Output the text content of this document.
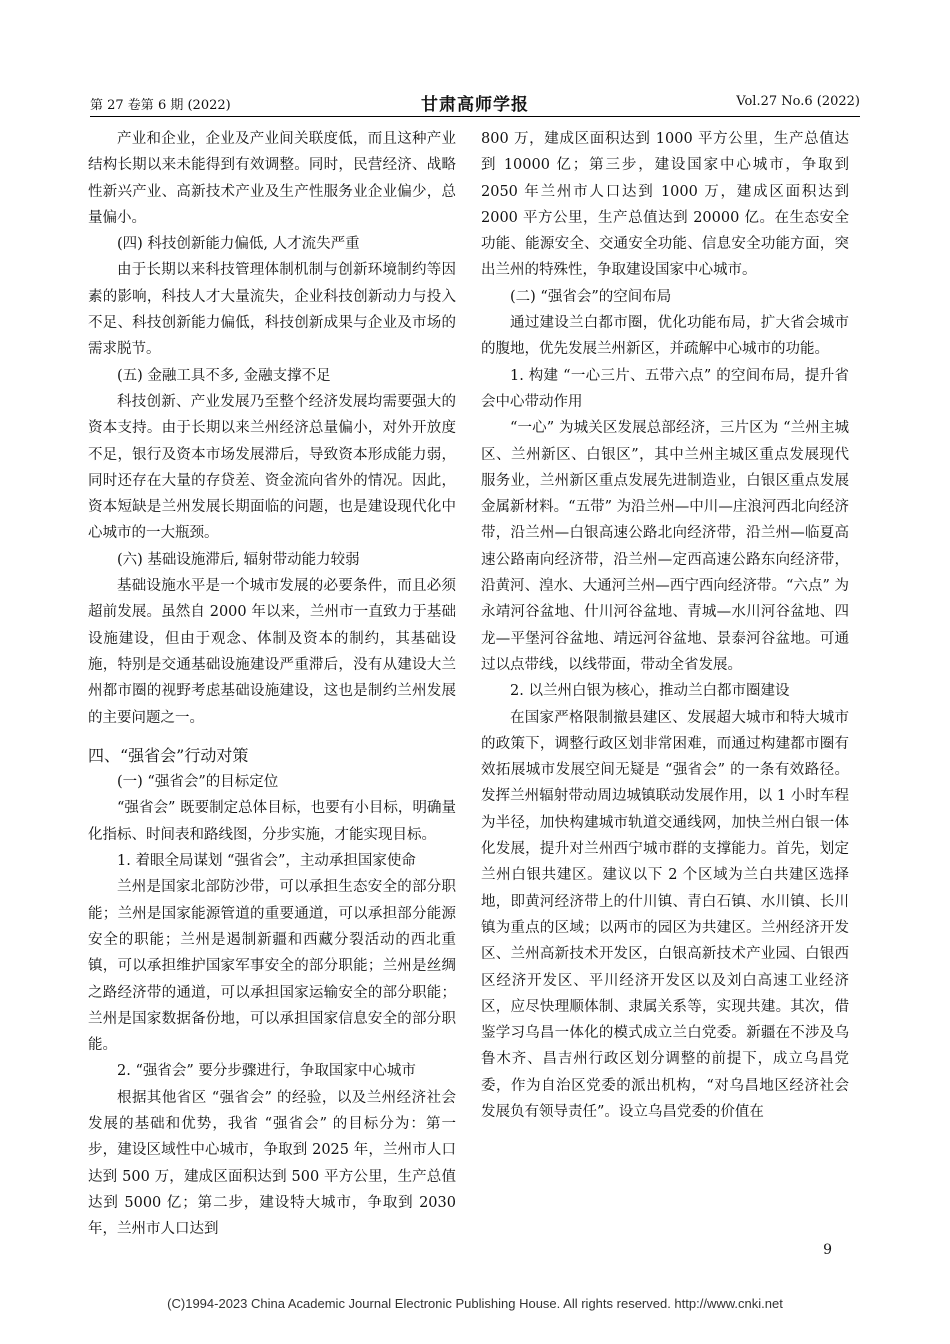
第 27 卷第 6 期 (2022)	甘肃高师学报	Vol.27 No.6 (2022)

产业和企业，企业及产业间关联度低，而且这种产业结构长期以来未能得到有效调整。同时，民营经济、战略性新兴产业、高新技术产业及生产性服务业企业偏少，总量偏小。

(四) 科技创新能力偏低, 人才流失严重

由于长期以来科技管理体制机制与创新环境制约等因素的影响，科技人才大量流失，企业科技创新动力与投入不足、科技创新能力偏低，科技创新成果与企业及市场的需求脱节。

(五) 金融工具不多, 金融支撑不足

科技创新、产业发展乃至整个经济发展均需要强大的资本支持。由于长期以来兰州经济总量偏小，对外开放度不足，银行及资本市场发展滞后，导致资本形成能力弱，同时还存在大量的存贷差、资金流向省外的情况。因此，资本短缺是兰州发展长期面临的问题，也是建设现代化中心城市的一大瓶颈。

(六) 基础设施滞后, 辐射带动能力较弱

基础设施水平是一个城市发展的必要条件，而且必须超前发展。虽然自 2000 年以来，兰州市一直致力于基础设施建设，但由于观念、体制及资本的制约，其基础设施，特别是交通基础设施建设严重滞后，没有从建设大兰州都市圈的视野考虑基础设施建设，这也是制约兰州发展的主要问题之一。

四、“强省会”行动对策

(一) “强省会”的目标定位

“强省会” 既要制定总体目标，也要有小目标，明确量化指标、时间表和路线图，分步实施，才能实现目标。

1. 着眼全局谋划 “强省会”，主动承担国家使命

兰州是国家北部防沙带，可以承担生态安全的部分职能；兰州是国家能源管道的重要通道，可以承担部分能源安全的职能；兰州是遏制新疆和西藏分裂活动的西北重镇，可以承担维护国家军事安全的部分职能；兰州是丝绸之路经济带的通道，可以承担国家运输安全的部分职能；兰州是国家数据备份地，可以承担国家信息安全的部分职能。

2. “强省会” 要分步骤进行，争取国家中心城市

根据其他省区 “强省会” 的经验，以及兰州经济社会发展的基础和优势，我省 “强省会” 的目标分为：第一步，建设区域性中心城市，争取到 2025 年，兰州市人口达到 500 万，建成区面积达到 500 平方公里，生产总值达到 5000 亿；第二步，建设特大城市，争取到 2030 年，兰州市人口达到

800 万，建成区面积达到 1000 平方公里，生产总值达到 10000 亿；第三步，建设国家中心城市，争取到 2050 年兰州市人口达到 1000 万，建成区面积达到 2000 平方公里，生产总值达到 20000 亿。在生态安全功能、能源安全、交通安全功能、信息安全功能方面，突出兰州的特殊性，争取建设国家中心城市。

(二) “强省会”的空间布局

通过建设兰白都市圈，优化功能布局，扩大省会城市的腹地，优先发展兰州新区，并疏解中心城市的功能。

1. 构建 “一心三片、五带六点” 的空间布局，提升省会中心带动作用

“一心” 为城关区发展总部经济，三片区为 “兰州主城区、兰州新区、白银区”，其中兰州主城区重点发展现代服务业，兰州新区重点发展先进制造业，白银区重点发展金属新材料。“五带” 为沿兰州—中川—庄浪河西北向经济带，沿兰州—白银高速公路北向经济带，沿兰州—临夏高速公路南向经济带，沿兰州—定西高速公路东向经济带，沿黄河、湟水、大通河兰州—西宁西向经济带。“六点” 为永靖河谷盆地、什川河谷盆地、青城—水川河谷盆地、四龙—平堡河谷盆地、靖远河谷盆地、景泰河谷盆地。可通过以点带线，以线带面，带动全省发展。

2. 以兰州白银为核心，推动兰白都市圈建设

在国家严格限制撤县建区、发展超大城市和特大城市的政策下，调整行政区划非常困难，而通过构建都市圈有效拓展城市发展空间无疑是 “强省会” 的一条有效路径。发挥兰州辐射带动周边城镇联动发展作用，以 1 小时车程为半径，加快构建城市轨道交通线网，加快兰州白银一体化发展，提升对兰州西宁城市群的支撑能力。首先，划定兰州白银共建区。建议以下 2 个区域为兰白共建区选择地，即黄河经济带上的什川镇、青白石镇、水川镇、长川镇为重点的区域；以两市的园区为共建区。兰州经济开发区、兰州高新技术开发区，白银高新技术产业园、白银西区经济开发区、平川经济开发区以及刘白高速工业经济区，应尽快理顺体制、隶属关系等，实现共建。其次，借鉴学习乌昌一体化的模式成立兰白党委。新疆在不涉及乌鲁木齐、昌吉州行政区划分调整的前提下，成立乌昌党委，作为自治区党委的派出机构，“对乌昌地区经济社会发展负有领导责任”。设立乌昌党委的价值在

9
(C)1994-2023 China Academic Journal Electronic Publishing House. All rights reserved. http://www.cnki.net
